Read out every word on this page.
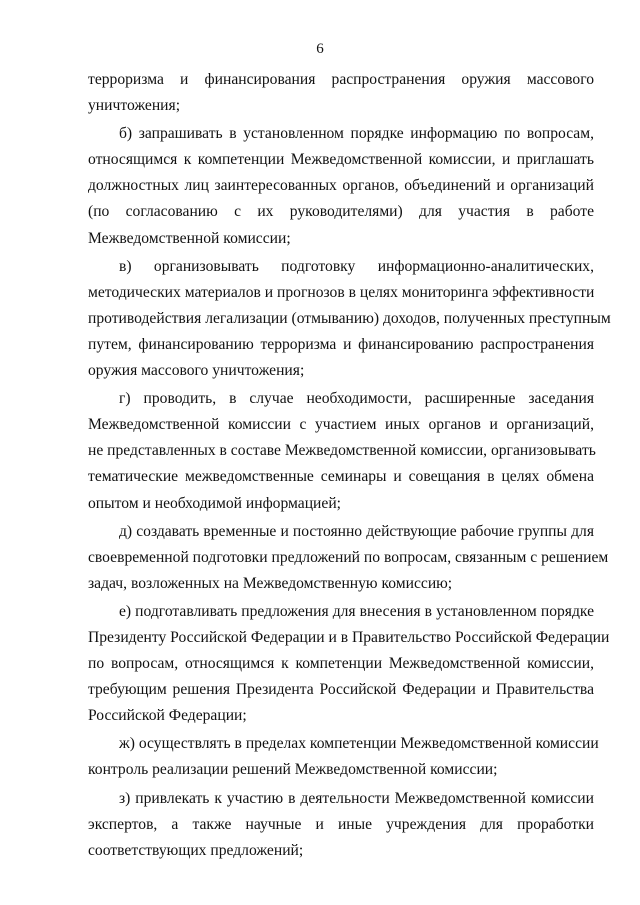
6
терроризма и финансирования распространения оружия массового
уничтожения;
б) запрашивать в установленном порядке информацию по вопросам,
относящимся к компетенции Межведомственной комиссии, и приглашать
должностных лиц заинтересованных органов, объединений и организаций
(по согласованию с их руководителями) для участия в работе
Межведомственной комиссии;
в) организовывать подготовку информационно-аналитических,
методических материалов и прогнозов в целях мониторинга эффективности
противодействия легализации (отмыванию) доходов, полученных преступным
путем, финансированию терроризма и финансированию распространения
оружия массового уничтожения;
г) проводить, в случае необходимости, расширенные заседания
Межведомственной комиссии с участием иных органов и организаций,
не представленных в составе Межведомственной комиссии, организовывать
тематические межведомственные семинары и совещания в целях обмена
опытом и необходимой информацией;
д) создавать временные и постоянно действующие рабочие группы для
своевременной подготовки предложений по вопросам, связанным с решением
задач, возложенных на Межведомственную комиссию;
е) подготавливать предложения для внесения в установленном порядке
Президенту Российской Федерации и в Правительство Российской Федерации
по вопросам, относящимся к компетенции Межведомственной комиссии,
требующим решения Президента Российской Федерации и Правительства
Российской Федерации;
ж) осуществлять в пределах компетенции Межведомственной комиссии
контроль реализации решений Межведомственной комиссии;
з) привлекать к участию в деятельности Межведомственной комиссии
экспертов, а также научные и иные учреждения для проработки
соответствующих предложений;
